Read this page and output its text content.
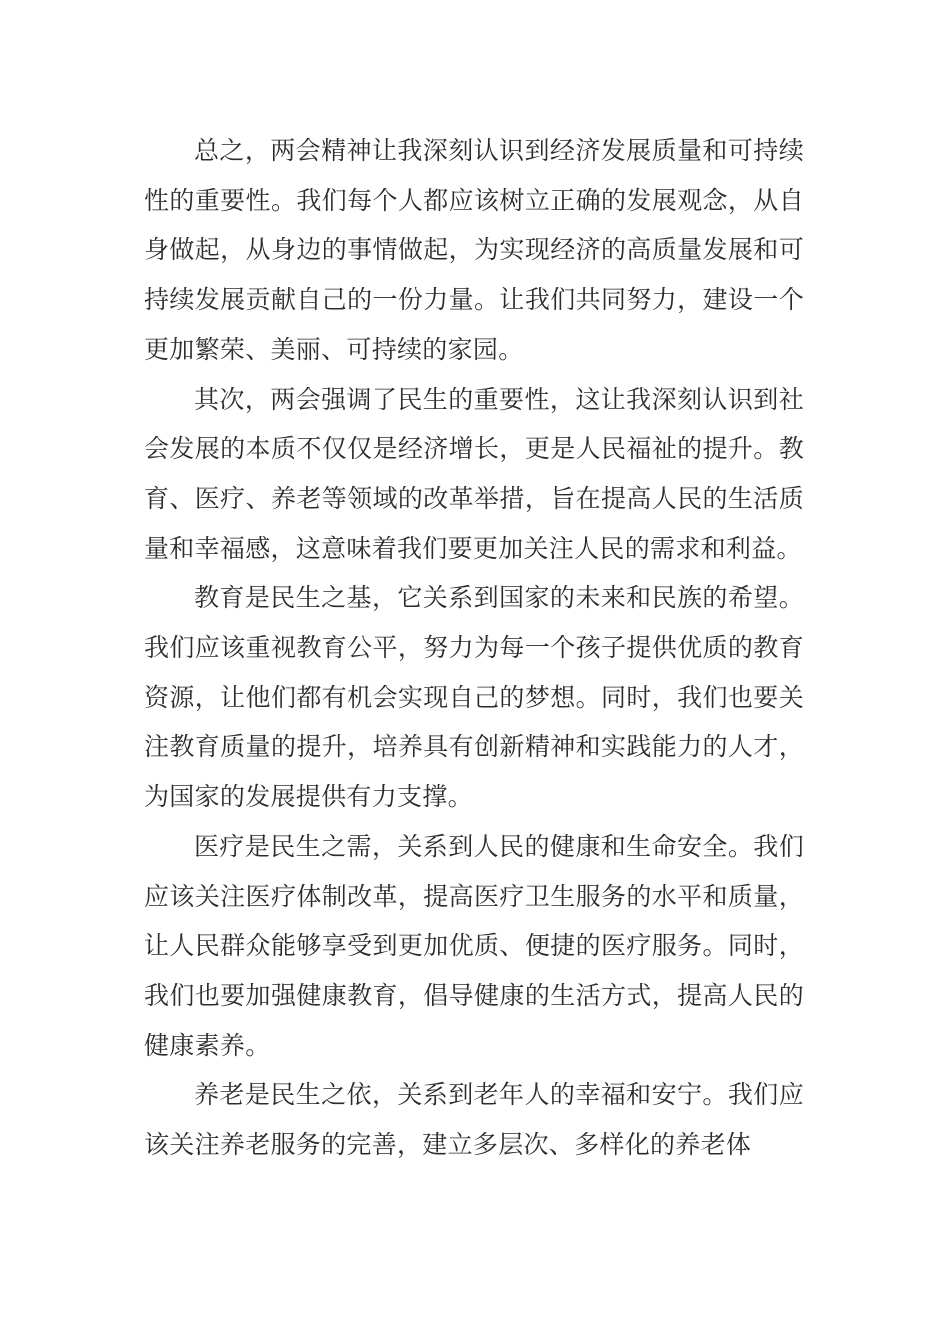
总之，两会精神让我深刻认识到经济发展质量和可持续性的重要性。我们每个人都应该树立正确的发展观念，从自身做起，从身边的事情做起，为实现经济的高质量发展和可持续发展贡献自己的一份力量。让我们共同努力，建设一个更加繁荣、美丽、可持续的家园。

其次，两会强调了民生的重要性，这让我深刻认识到社会发展的本质不仅仅是经济增长，更是人民福祉的提升。教育、医疗、养老等领域的改革举措，旨在提高人民的生活质量和幸福感，这意味着我们要更加关注人民的需求和利益。

教育是民生之基，它关系到国家的未来和民族的希望。我们应该重视教育公平，努力为每一个孩子提供优质的教育资源，让他们都有机会实现自己的梦想。同时，我们也要关注教育质量的提升，培养具有创新精神和实践能力的人才，为国家的发展提供有力支撑。

医疗是民生之需，关系到人民的健康和生命安全。我们应该关注医疗体制改革，提高医疗卫生服务的水平和质量，让人民群众能够享受到更加优质、便捷的医疗服务。同时，我们也要加强健康教育，倡导健康的生活方式，提高人民的健康素养。

养老是民生之依，关系到老年人的幸福和安宁。我们应该关注养老服务的完善，建立多层次、多样化的养老体
